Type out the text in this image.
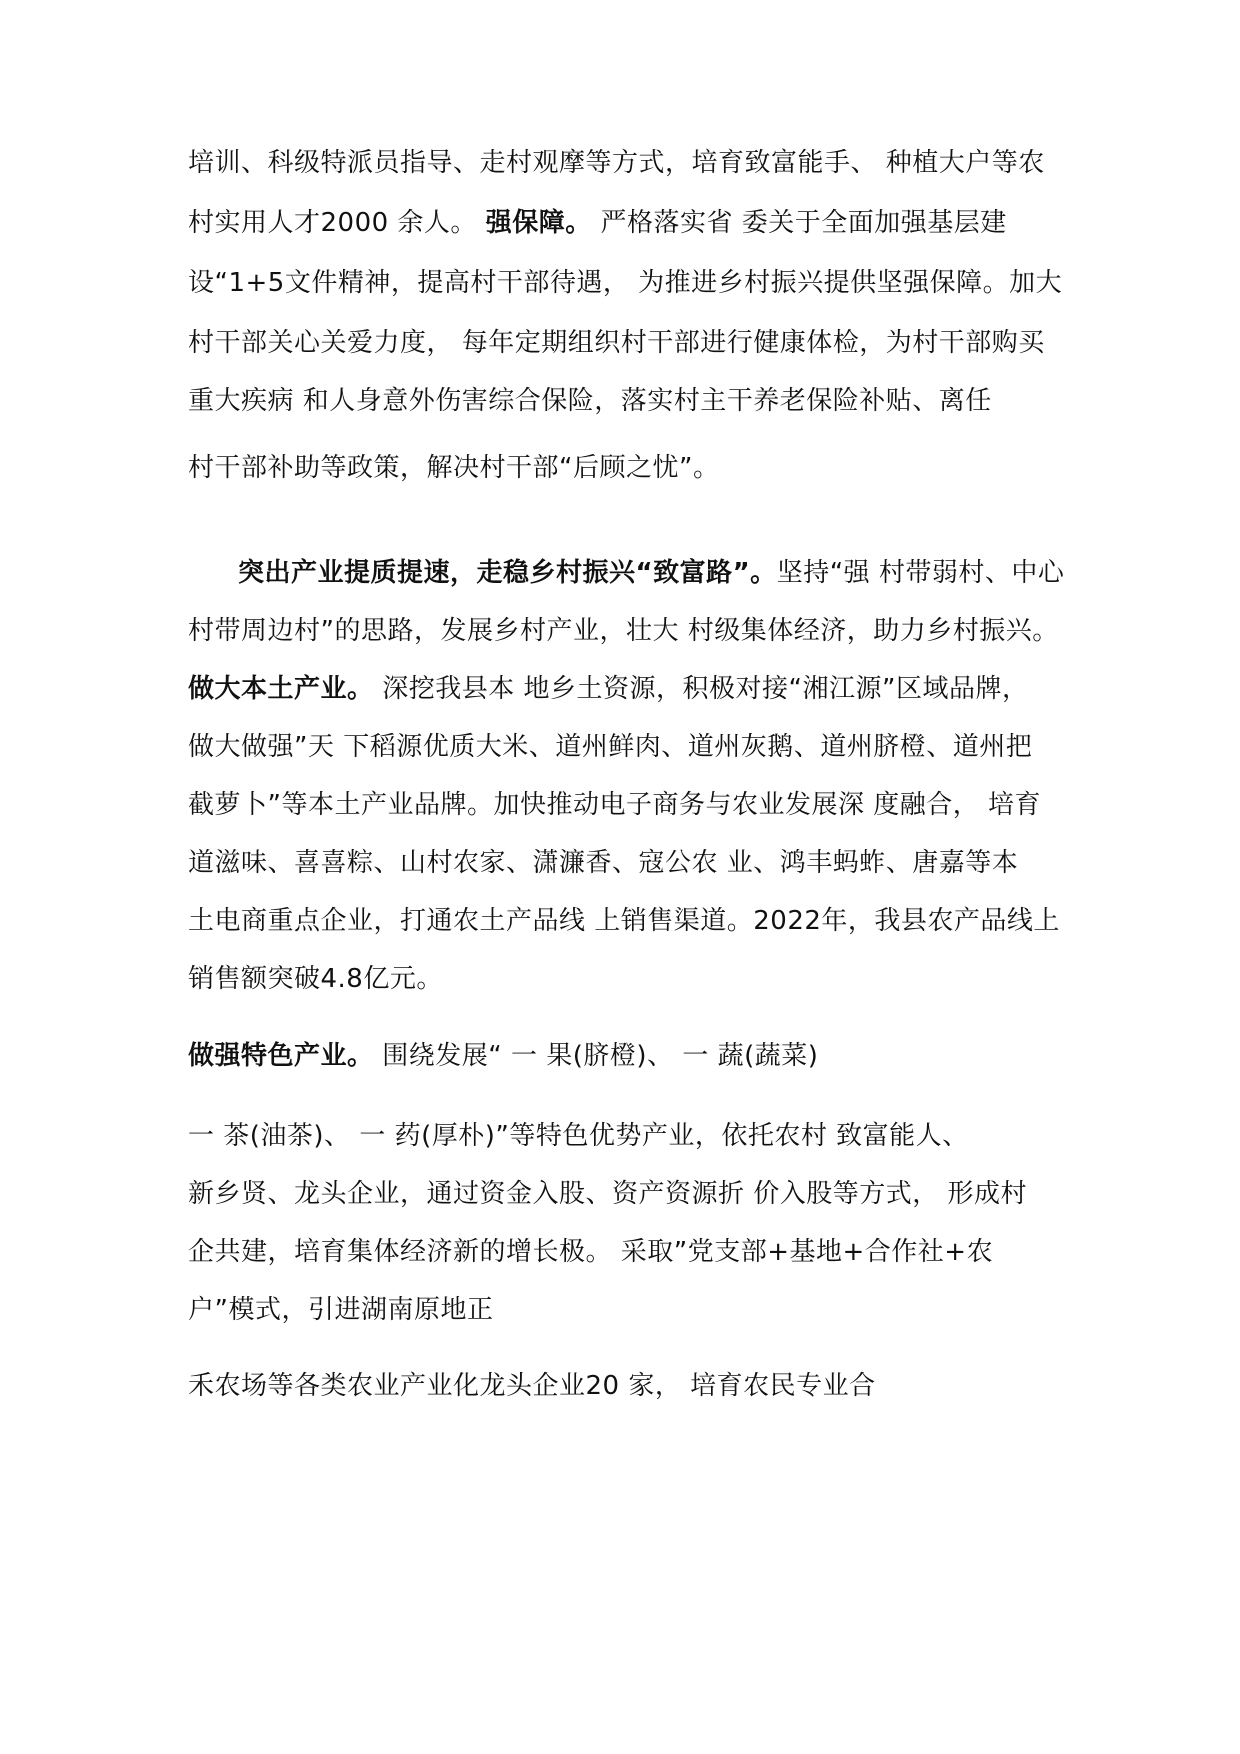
培训、科级特派员指导、走村观摩等方式，培育致富能手、 种植大户等农
村实用人才2000 余人。 强保障。 严格落实省 委关于全面加强基层建
设“1+5文件精神，提高村干部待遇， 为推进乡村振兴提供坚强保障。加大
村干部关心关爱力度， 每年定期组织村干部进行健康体检，为村干部购买
重大疾病 和人身意外伤害综合保险，落实村主干养老保险补贴、离任
村干部补助等政策，解决村干部“后顾之忧”。
突出产业提质提速，走稳乡村振兴“致富路”。坚持“强 村带弱村、中心
村带周边村”的思路，发展乡村产业，壮大 村级集体经济，助力乡村振兴。
做大本土产业。 深挖我县本 地乡土资源，积极对接“湘江源”区域品牌，
做大做强”天 下稻源优质大米、道州鲜肉、道州灰鹅、道州脐橙、道州把
截萝卜”等本土产业品牌。加快推动电子商务与农业发展深 度融合， 培育
道滋味、喜喜粽、山村农家、潇濂香、寇公农 业、鸿丰蚂蚱、唐嘉等本
土电商重点企业，打通农土产品线 上销售渠道。2022年，我县农产品线上
销售额突破4.8亿元。
做强特色产业。 围绕发展“ 一 果(脐橙)、 一 蔬(蔬菜)
一 茶(油茶)、 一 药(厚朴)”等特色优势产业，依托农村 致富能人、
新乡贤、龙头企业，通过资金入股、资产资源折 价入股等方式， 形成村
企共建，培育集体经济新的增长极。 采取”党支部+基地+合作社+农
户”模式，引进湖南原地正
禾农场等各类农业产业化龙头企业20 家， 培育农民专业合
